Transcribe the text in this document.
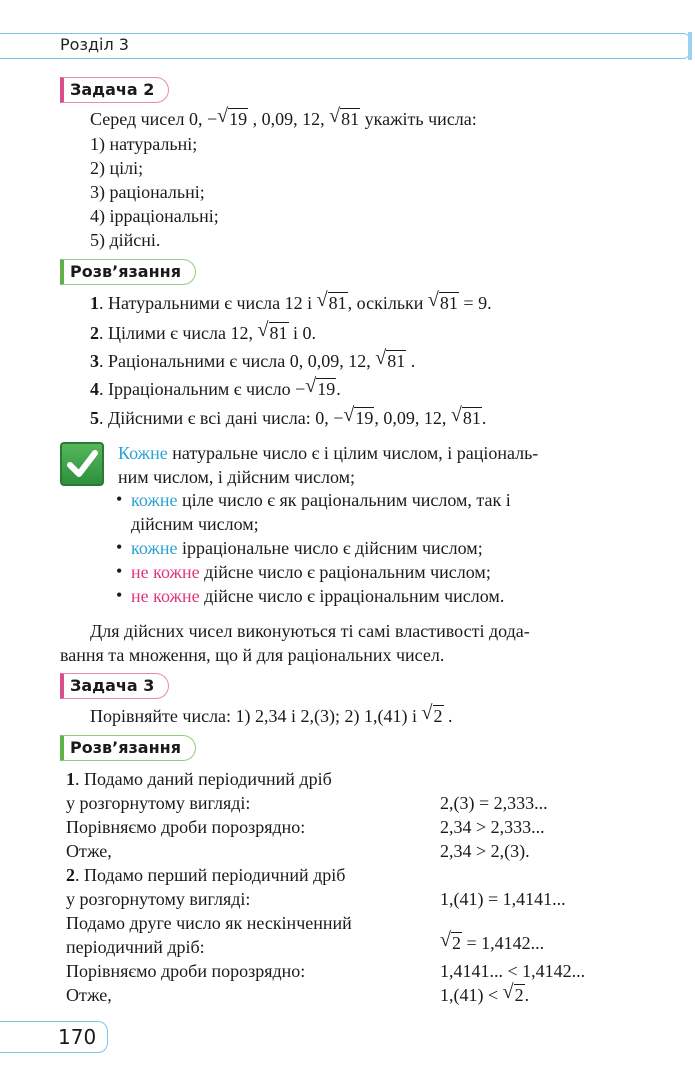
Розділ 3
Задача 2
Серед чисел 0, − √ 19 , 0,09, 12, √ 81 укажіть числа:
1) натуральні;
2) цілі;
3) раціональні;
4) ірраціональні;
5) дійсні.
Розв’язання
1. Натуральними є числа 12 і √ 81, оскільки √ 81 = 9.
2. Цілими є числа 12, √ 81 і 0.
3. Раціональними є числа 0, 0,09, 12, √ 81 .
4. Ірраціональним є число − √ 19.
5. Дійсними є всі дані числа: 0, − √ 19, 0,09, 12, √ 81.
Кожне натуральне число є і цілим числом, і раціональ-
ним числом, і дійсним числом;
• кожне ціле число є як раціональним числом, так і
дійсним числом;
• кожне ірраціональне число є дійсним числом;
• не кожне дійсне число є раціональним числом;
• не кожне дійсне число є ірраціональним числом.
Для дійсних чисел виконуються ті самі властивості дода-
вання та множення, що й для раціональних чисел.
Задача 3
Порівняйте числа: 1) 2,34 і 2,(3); 2) 1,(41) і √ 2 .
Розв’язання
1. Подамо даний періодичний дріб
у розгорнутому вигляді:	2,(3) = 2,333...
Порівняємо дроби порозрядно:	2,34 > 2,333...
Отже,	2,34 > 2,(3).
2. Подамо перший періодичний дріб
у розгорнутому вигляді:	1,(41) = 1,4141...
Подамо друге число як нескінченний
періодичний дріб:	√ 2 = 1,4142...
Порівняємо дроби порозрядно:	1,4141... < 1,4142...
Отже,	1,(41) < √ 2.
170
